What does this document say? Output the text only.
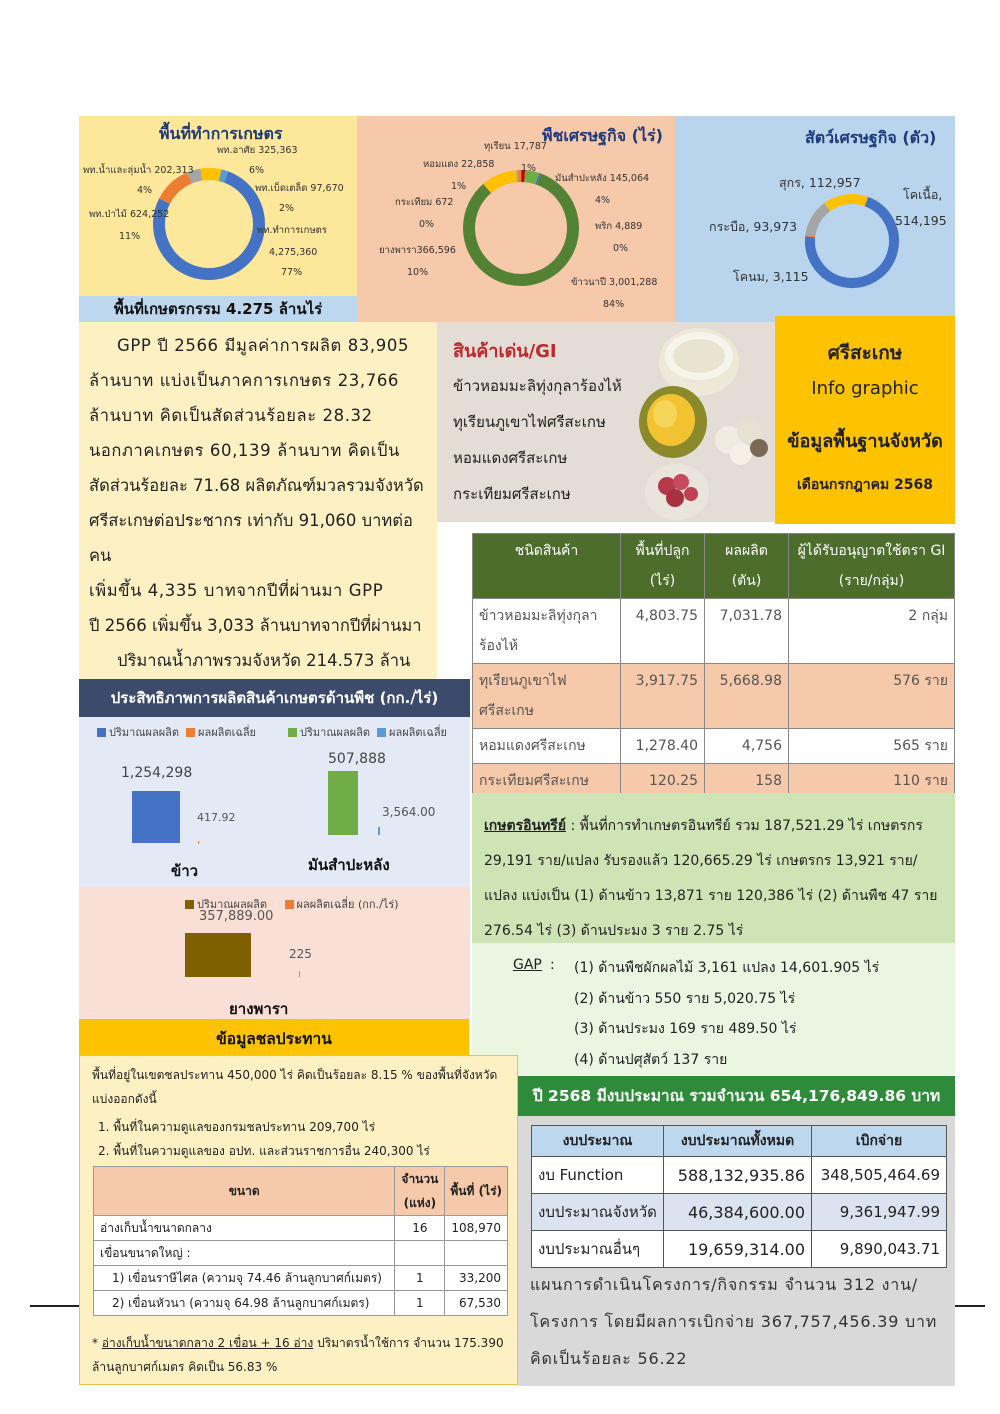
พื้นที่ทำการเกษตร
พท.อาศัย 325,363
6%
พท.น้ำและลุ่มน้ำ 202,313
4%	พท.เบ็ดเตล็ด 97,670
2%
พท.ป่าไม้ 624,252
11%
พท.ทำการเกษตร
4,275,360
77%
พื้นที่เกษตรกรรม 4.275 ล้านไร่
พืชเศรษฐกิจ (ไร่)
ทุเรียน 17,787
1%
หอมแดง 22,858
1%
มันสำปะหลัง 145,064
4%
กระเทียม 672
0%	พริก 4,889
0%
ยางพารา366,596
10%
ข้าวนาปี 3,001,288
84%
สัตว์เศรษฐกิจ (ตัว)
สุกร, 112,957
โคเนื้อ,
514,195
กระบือ, 93,973
โคนม, 3,115
GPP ปี 2566 มีมูลค่าการผลิต 83,905
ล้านบาท แบ่งเป็นภาคการเกษตร 23,766
ล้านบาท คิดเป็นสัดส่วนร้อยละ 28.32
นอกภาคเกษตร 60,139 ล้านบาท คิดเป็น
สัดส่วนร้อยละ 71.68 ผลิตภัณฑ์มวลรวมจังหวัด
ศรีสะเกษต่อประชากร เท่ากับ 91,060 บาทต่อคน
เพิ่มขึ้น 4,335 บาทจากปีที่ผ่านมา GPP
ปี 2566 เพิ่มขึ้น 3,033 ล้านบาทจากปีที่ผ่านมา
ปริมาณน้ำภาพรวมจังหวัด 214.573 ล้าน
สินค้าเด่น/GI
ข้าวหอมมะลิทุ่งกุลาร้องไห้
ทุเรียนภูเขาไฟศรีสะเกษ
หอมแดงศรีสะเกษ
กระเทียมศรีสะเกษ
ศรีสะเกษ
Info graphic
ข้อมูลพื้นฐานจังหวัด
เดือนกรกฎาคม 2568
ชนิดสินค้า	พื้นที่ปลูก (ไร่)	ผลผลิต (ตัน)	ผู้ได้รับอนุญาตใช้ตรา GI (ราย/กลุ่ม)
ข้าวหอมมะลิทุ่งกุลาร้องไห้	4,803.75	7,031.78	2 กลุ่ม
ทุเรียนภูเขาไฟศรีสะเกษ	3,917.75	5,668.98	576 ราย
หอมแดงศรีสะเกษ	1,278.40	4,756	565 ราย
กระเทียมศรีสะเกษ	120.25	158	110 ราย
ประสิทธิภาพการผลิตสินค้าเกษตรด้านพืช (กก./ไร่)
ปริมาณผลผลิต ผลผลิตเฉลี่ย
1,254,298
417.92
ข้าว
ปริมาณผลผลิต ผลผลิตเฉลี่ย
507,888
3,564.00
มันสำปะหลัง
ปริมาณผลผลิต	ผลผลิตเฉลี่ย (กก./ไร่)
357,889.00
225
ยางพารา
เกษตรอินทรีย์ : พื้นที่การทำเกษตรอินทรีย์ รวม 187,521.29 ไร่ เกษตรกร 29,191 ราย/แปลง รับรองแล้ว 120,665.29 ไร่ เกษตรกร 13,921 ราย/แปลง แบ่งเป็น (1) ด้านข้าว 13,871 ราย 120,386 ไร่ (2) ด้านพืช 47 ราย 276.54 ไร่ (3) ด้านประมง 3 ราย 2.75 ไร่
GAP : (1) ด้านพืชผักผลไม้ 3,161 แปลง 14,601.905 ไร่
(2) ด้านข้าว 550 ราย 5,020.75 ไร่
(3) ด้านประมง 169 ราย 489.50 ไร่
(4) ด้านปศุสัตว์ 137 ราย
ปี 2568 มีงบประมาณ รวมจำนวน 654,176,849.86 บาท
งบประมาณ	งบประมาณทั้งหมด	เบิกจ่าย
งบ Function	588,132,935.86	348,505,464.69
งบประมาณจังหวัด	46,384,600.00	9,361,947.99
งบประมาณอื่นๆ	19,659,314.00	9,890,043.71
แผนการดำเนินโครงการ/กิจกรรม จำนวน 312 งาน/โครงการ โดยมีผลการเบิกจ่าย 367,757,456.39 บาท คิดเป็นร้อยละ 56.22
ข้อมูลชลประทาน
พื้นที่อยู่ในเขตชลประทาน 450,000 ไร่ คิดเป็นร้อยละ 8.15 % ของพื้นที่จังหวัด
แบ่งออกดังนี้
1. พื้นที่ในความดูแลของกรมชลประทาน 209,700 ไร่
2. พื้นที่ในความดูแลของ อปท. และส่วนราชการอื่น 240,300 ไร่
ขนาด	จำนวน (แห่ง)	พื้นที่ (ไร่)
อ่างเก็บน้ำขนาดกลาง	16	108,970
เขื่อนขนาดใหญ่ :		
1) เขื่อนราษีไศล (ความจุ 74.46 ล้านลูกบาศก์เมตร)	1	33,200
2) เขื่อนหัวนา (ความจุ 64.98 ล้านลูกบาศก์เมตร)	1	67,530
* อ่างเก็บน้ำขนาดกลาง 2 เขื่อน + 16 อ่าง ปริมาตรน้ำใช้การ จำนวน 175.390
ล้านลูกบาศก์เมตร คิดเป็น 56.83 %
